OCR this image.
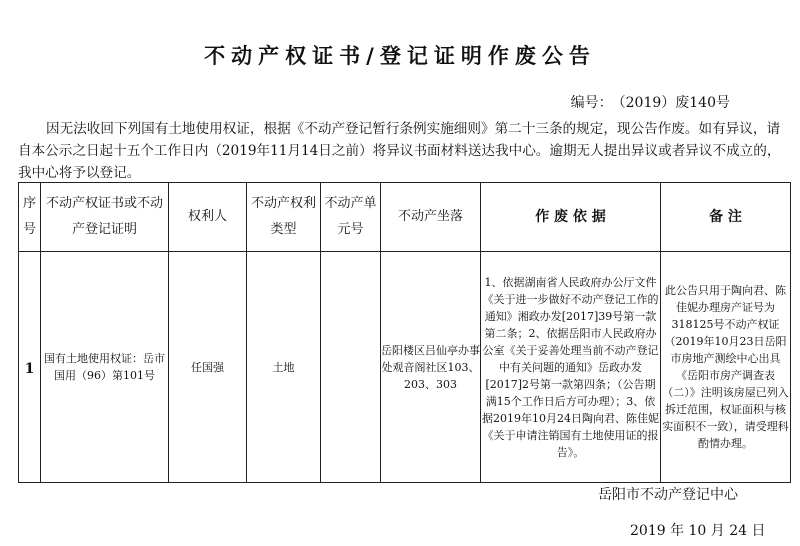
不动产权证书/登记证明作废公告
编号： （2019）废140号
因无法收回下列国有土地使用权证，根据《不动产登记暂行条例实施细则》第二十三条的规定，现公告作废。如有异议，请自本公示之日起十五个工作日内（2019年11月14日之前）将异议书面材料送达我中心。逾期无人提出异议或者异议不成立的，我中心将予以登记。
序号	不动产权证书或不动产登记证明	权利人	不动产权利类型	不动产单元号	不动产坐落	作 废 依 据	备 注
1	国有土地使用权证：岳市国用（96）第101号	任国强	土地		岳阳楼区吕仙亭办事处观音阁社区103、203、303	1、依据湖南省人民政府办公厅文件《关于进一步做好不动产登记工作的通知》湘政办发[2017]39号第一款第二条；2、依据岳阳市人民政府办公室《关于妥善处理当前不动产登记中有关问题的通知》岳政办发[2017]2号第一款第四条；（公告期满15个工作日后方可办理）；3、依据2019年10月24日陶向君、陈佳妮《关于申请注销国有土地使用证的报告》。	此公告只用于陶向君、陈佳妮办理房产证号为318125号不动产权证（2019年10月23日岳阳市房地产测绘中心出具《岳阳市房产调查表（二）》注明该房屋已列入拆迁范围，权证面积与核实面积不一致），请受理科酌情办理。
岳阳市不动产登记中心
2019 年 10 月 24 日
